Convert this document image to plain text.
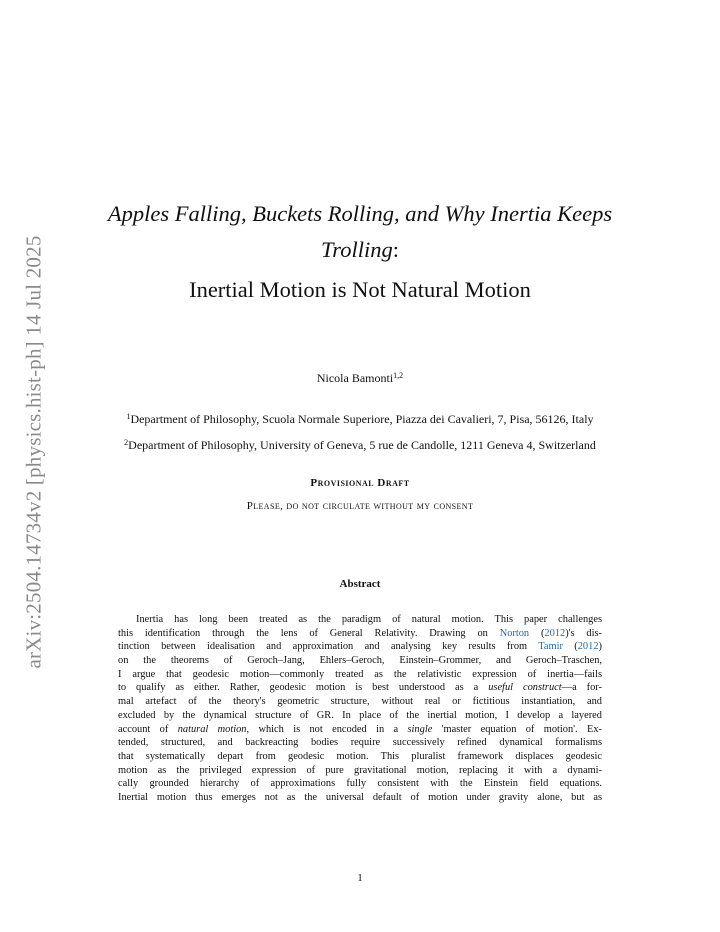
arXiv:2504.14734v2 [physics.hist-ph] 14 Jul 2025

Apples Falling, Buckets Rolling, and Why Inertia Keeps

Trolling:

Inertial Motion is Not Natural Motion

Nicola Bamonti$^{1,2}$
$^1$Department of Philosophy, Scuola Normale Superiore, Piazza dei Cavalieri, 7, Pisa, 56126, Italy
$^2$Department of Philosophy, University of Geneva, 5 rue de Candolle, 1211 Geneva 4, Switzerland
Provisional Draft
Please, do not circulate without my consent
Abstract
Inertia has long been treated as the paradigm of natural motion. This paper challenges
this identification through the lens of General Relativity. Drawing on Norton (2012)'s dis-
tinction between idealisation and approximation and analysing key results from Tamir (2012)
on the theorems of Geroch–Jang, Ehlers–Geroch, Einstein–Grommer, and Geroch–Traschen,
I argue that geodesic motion—commonly treated as the relativistic expression of inertia—fails
to qualify as either. Rather, geodesic motion is best understood as a useful construct—a for-
mal artefact of the theory's geometric structure, without real or fictitious instantiation, and
excluded by the dynamical structure of GR. In place of the inertial motion, I develop a layered
account of natural motion, which is not encoded in a single 'master equation of motion'. Ex-
tended, structured, and backreacting bodies require successively refined dynamical formalisms
that systematically depart from geodesic motion. This pluralist framework displaces geodesic
motion as the privileged expression of pure gravitational motion, replacing it with a dynami-
cally grounded hierarchy of approximations fully consistent with the Einstein field equations.
Inertial motion thus emerges not as the universal default of motion under gravity alone, but as
1
